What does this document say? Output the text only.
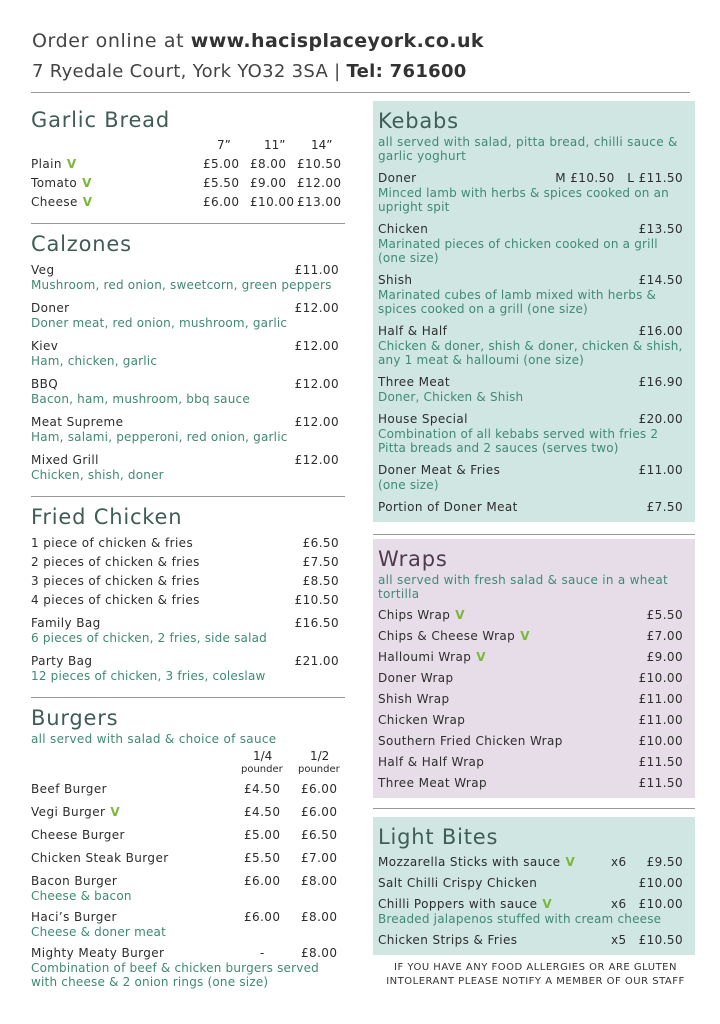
Order online at www.hacisplaceyork.co.uk
7 Ryedale Court, York YO32 3SA | Tel: 761600
Garlic Bread
7”	11” 14”
Plain V	£5.00 £8.00 £10.50
Tomato V	£5.50 £9.00 £12.00
Cheese V	£6.00 £10.00 £13.00
Calzones
Veg	£11.00
Mushroom, red onion, sweetcorn, green peppers
Doner	£12.00
Doner meat, red onion, mushroom, garlic
Kiev	£12.00
Ham, chicken, garlic
BBQ	£12.00
Bacon, ham, mushroom, bbq sauce
Meat Supreme	£12.00
Ham, salami, pepperoni, red onion, garlic
Mixed Grill	£12.00
Chicken, shish, doner
Fried Chicken
1 piece of chicken & fries	£6.50
2 pieces of chicken & fries	£7.50
3 pieces of chicken & fries	£8.50
4 pieces of chicken & fries	£10.50
Family Bag	£16.50
6 pieces of chicken, 2 fries, side salad
Party Bag	£21.00
12 pieces of chicken, 3 fries, coleslaw
Burgers
all served with salad & choice of sauce
1/4
pounder
1/2
pounder
Beef Burger	£4.50 £6.00
Vegi Burger V	£4.50 £6.00
Cheese Burger	£5.00 £6.50
Chicken Steak Burger	£5.50 £7.00
Bacon Burger	£6.00 £8.00
Cheese & bacon
Haci’s Burger	£6.00 £8.00
Cheese & doner meat
Mighty Meaty Burger	-	£8.00
Combination of beef & chicken burgers served with cheese & 2 onion rings (one size)
Kebabs
all served with salad, pitta bread, chilli sauce & garlic yoghurt
Doner	M £10.50   L £11.50
Minced lamb with herbs & spices cooked on an upright spit
Chicken	£13.50
Marinated pieces of chicken cooked on a grill (one size)
Shish	£14.50
Marinated cubes of lamb mixed with herbs & spices cooked on a grill (one size)
Half & Half	£16.00
Chicken & doner, shish & doner, chicken & shish, any 1 meat & halloumi (one size)
Three Meat	£16.90
Doner, Chicken & Shish
House Special	£20.00
Combination of all kebabs served with fries 2 Pitta breads and 2 sauces (serves two)
Doner Meat & Fries	£11.00
(one size)
Portion of Doner Meat	£7.50
Wraps
all served with fresh salad & sauce in a wheat tortilla
Chips Wrap V	£5.50
Chips & Cheese Wrap V	£7.00
Halloumi Wrap V	£9.00
Doner Wrap	£10.00
Shish Wrap	£11.00
Chicken Wrap	£11.00
Southern Fried Chicken Wrap	£10.00
Half & Half Wrap	£11.50
Three Meat Wrap	£11.50
Light Bites
Mozzarella Sticks with sauce V	x6 £9.50
Salt Chilli Crispy Chicken	£10.00
Chilli Poppers with sauce V	x6 £10.00
Breaded jalapenos stuffed with cream cheese
Chicken Strips & Fries	x5 £10.50
IF YOU HAVE ANY FOOD ALLERGIES OR ARE GLUTEN
INTOLERANT PLEASE NOTIFY A MEMBER OF OUR STAFF
